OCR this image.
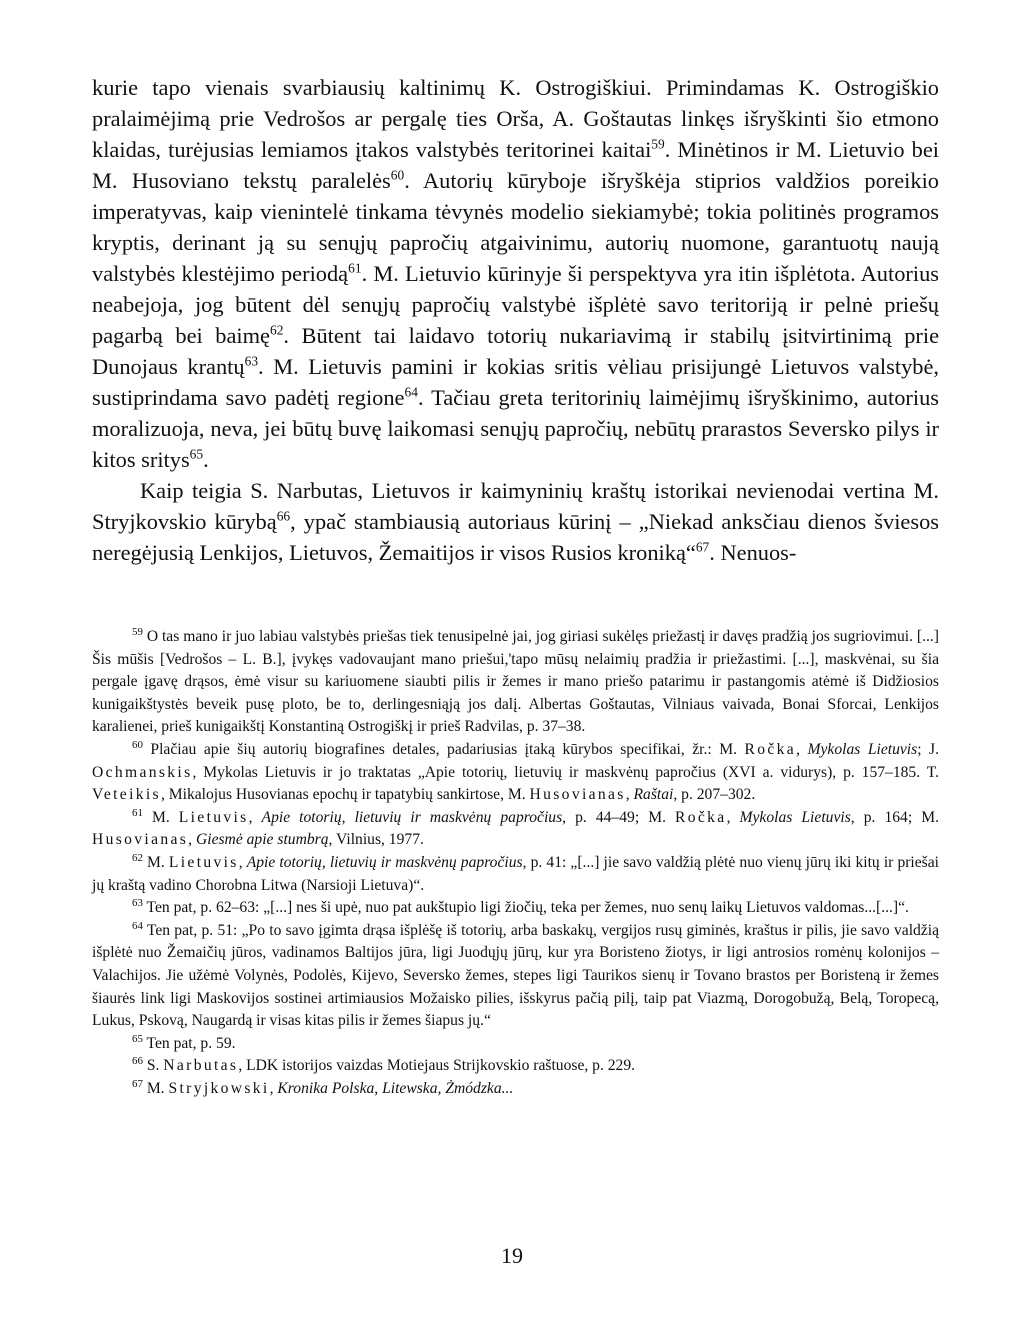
kurie tapo vienais svarbiausių kaltinimų K. Ostrogiškiui. Primindamas K. Ostrogiškio pralaimėjimą prie Vedrošos ar pergalę ties Orša, A. Goštautas linkęs išryškinti šio etmono klaidas, turėjusias lemiamos įtakos valstybės teritorinei kaitai$^{59}$. Minėtinos ir M. Lietuvio bei M. Husoviano tekstų paralelės$^{60}$. Autorių kūryboje išryškėja stiprios valdžios poreikio imperatyvas, kaip vienintelė tinkama tėvynės modelio siekiamybė; tokia politinės programos kryptis, derinant ją su senųjų papročių atgaivinimu, autorių nuomone, garantuotų naują valstybės klestėjimo periodą$^{61}$. M. Lietuvio kūrinyje ši perspektyva yra itin išplėtota. Autorius neabejoja, jog būtent dėl senųjų papročių valstybė išplėtė savo teritoriją ir pelnė priešų pagarbą bei baimę$^{62}$. Būtent tai laidavo totorių nukariavimą ir stabilų įsitvirtinimą prie Dunojaus krantų$^{63}$. M. Lietuvis pamini ir kokias sritis vėliau prisijungė Lietuvos valstybė, sustiprindama savo padėtį regione$^{64}$. Tačiau greta teritorinių laimėjimų išryškinimo, autorius moralizuoja, neva, jei būtų buvę laikomasi senųjų papročių, nebūtų prarastos Seversko pilys ir kitos sritys$^{65}$.

Kaip teigia S. Narbutas, Lietuvos ir kaimyninių kraštų istorikai nevienodai vertina M. Stryjkovskio kūrybą$^{66}$, ypač stambiausią autoriaus kūrinį – „Niekad anksčiau dienos šviesos neregėjusią Lenkijos, Lietuvos, Žemaitijos ir visos Rusios kroniką“$^{67}$. Nenuos-

$^{59}$ O tas mano ir juo labiau valstybės priešas tiek tenusipelnė jai, jog giriasi sukėlęs priežastį ir davęs pradžią jos sugriovimui. [...] Šis mūšis [Vedrošos – L. B.], įvykęs vadovaujant mano priešui,'tapo mūsų nelaimių pradžia ir priežastimi. [...], maskvėnai, su šia pergale įgavę drąsos, ėmė visur su kariuomene siaubti pilis ir žemes ir mano priešo patarimu ir pastangomis atėmė iš Didžiosios kunigaikštystės beveik pusę ploto, be to, derlingesniąją jos dalį. Albertas Goštautas, Vilniaus vaivada, Bonai Sforcai, Lenkijos karalienei, prieš kunigaikštį Konstantiną Ostrogiškį ir prieš Radvilas, p. 37–38.

$^{60}$ Plačiau apie šių autorių biografines detales, padariusias įtaką kūrybos specifikai, žr.: M. Ročka, Mykolas Lietuvis; J. Ochmanskis, Mykolas Lietuvis ir jo traktatas „Apie totorių, lietuvių ir maskvėnų papročius (XVI a. vidurys), p. 157–185. T. Veteikis, Mikalojus Husovianas epochų ir tapatybių sankirtose, M. Husovianas, Raštai, p. 207–302.

$^{61}$ M. Lietuvis, Apie totorių, lietuvių ir maskvėnų papročius, p. 44–49; M. Ročka, Mykolas Lietuvis, p. 164; M. Husovianas, Giesmė apie stumbrą, Vilnius, 1977.

$^{62}$ M. Lietuvis, Apie totorių, lietuvių ir maskvėnų papročius, p. 41: „[...] jie savo valdžią plėtė nuo vienų jūrų iki kitų ir priešai jų kraštą vadino Chorobna Litwa (Narsioji Lietuva)“.

$^{63}$ Ten pat, p. 62–63: „[...] nes ši upė, nuo pat aukštupio ligi žiočių, teka per žemes, nuo senų laikų Lietuvos valdomas...[...]“.

$^{64}$ Ten pat, p. 51: „Po to savo įgimta drąsa išplėšę iš totorių, arba baskakų, vergijos rusų giminės, kraštus ir pilis, jie savo valdžią išplėtė nuo Žemaičių jūros, vadinamos Baltijos jūra, ligi Juodųjų jūrų, kur yra Boristeno žiotys, ir ligi antrosios romėnų kolonijos – Valachijos. Jie užėmė Volynės, Podolės, Kijevo, Seversko žemes, stepes ligi Taurikos sienų ir Tovano brastos per Boristeną ir žemes šiaurės link ligi Maskovijos sostinei artimiausios Možaisko pilies, išskyrus pačią pilį, taip pat Viazmą, Dorogobužą, Belą, Toropecą, Lukus, Pskovą, Naugardą ir visas kitas pilis ir žemes šiapus jų.“

$^{65}$ Ten pat, p. 59.

$^{66}$ S. Narbutas, LDK istorijos vaizdas Motiejaus Strijkovskio raštuose, p. 229.

$^{67}$ M. Stryjkowski, Kronika Polska, Litewska, Żmódzka...

19
